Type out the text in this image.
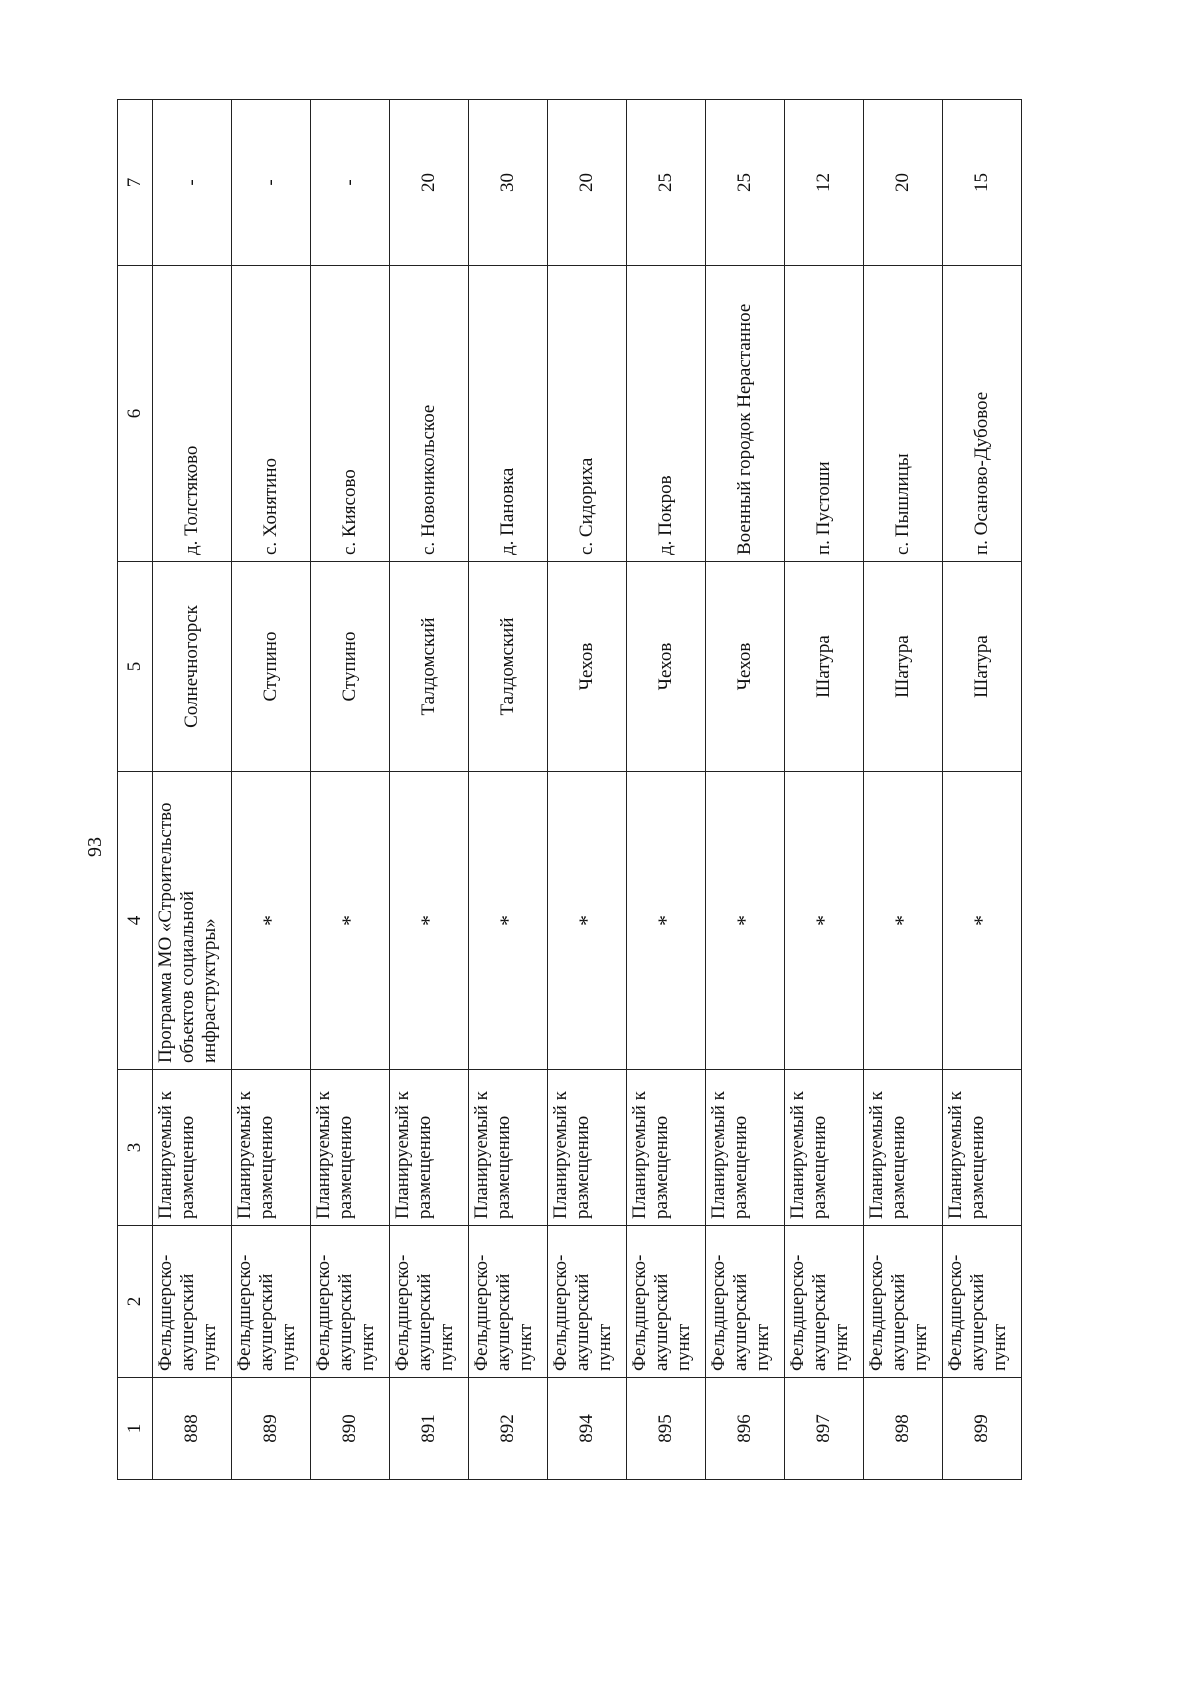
93
1	2	3	4	5	6	7
888	Фельдшерско-акушерский пункт	Планируемый к размещению	Программа МО «Строительство объектов социальной инфраструктуры»	Солнечногорск	д. Толстяково	-
889	Фельдшерско-акушерский пункт	Планируемый к размещению	*	Ступино	с. Хонятино	-
890	Фельдшерско-акушерский пункт	Планируемый к размещению	*	Ступино	с. Киясово	-
891	Фельдшерско-акушерский пункт	Планируемый к размещению	*	Талдомский	с. Новоникольское	20
892	Фельдшерско-акушерский пункт	Планируемый к размещению	*	Талдомский	д. Пановка	30
894	Фельдшерско-акушерский пункт	Планируемый к размещению	*	Чехов	с. Сидориха	20
895	Фельдшерско-акушерский пункт	Планируемый к размещению	*	Чехов	д. Покров	25
896	Фельдшерско-акушерский пункт	Планируемый к размещению	*	Чехов	Военный городок Нерастанное	25
897	Фельдшерско-акушерский пункт	Планируемый к размещению	*	Шатура	п. Пустоши	12
898	Фельдшерско-акушерский пункт	Планируемый к размещению	*	Шатура	с. Пышлицы	20
899	Фельдшерско-акушерский пункт	Планируемый к размещению	*	Шатура	п. Осаново-Дубовое	15
